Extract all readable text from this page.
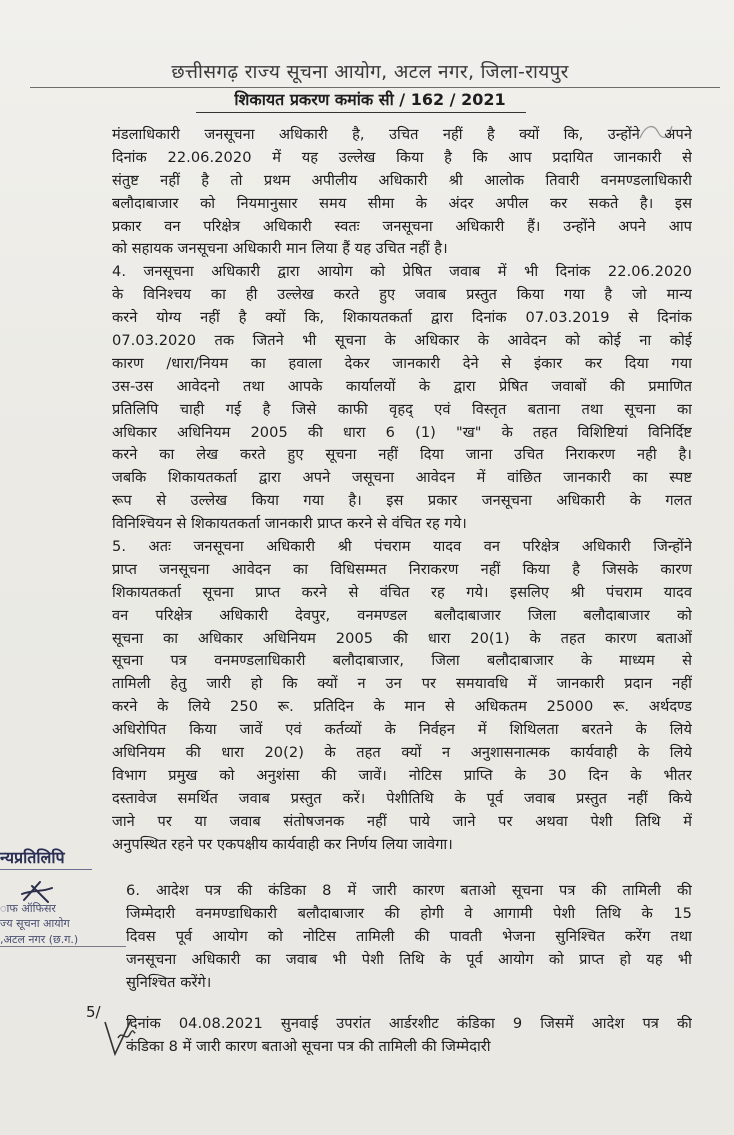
छत्तीसगढ़ राज्य सूचना आयोग, अटल नगर, जिला-रायपुर
शिकायत प्रकरण कमांक सी / 162 / 2021
मंडलाधिकारी जनसूचना अधिकारी है, उचित नहीं है क्यों कि, उन्होंने अपने
दिनांक 22.06.2020 में यह उल्लेख किया है कि आप प्रदायित जानकारी से
संतुष्ट नहीं है तो प्रथम अपीलीय अधिकारी श्री आलोक तिवारी वनमण्डलाधिकारी
बलौदाबाजार को नियमानुसार समय सीमा के अंदर अपील कर सकते है। इस
प्रकार वन परिक्षेत्र अधिकारी स्वतः जनसूचना अधिकारी हैं। उन्होंने अपने आप
को सहायक जनसूचना अधिकारी मान लिया हैं यह उचित नहीं है।
4. जनसूचना अधिकारी द्वारा आयोग को प्रेषित जवाब में भी दिनांक 22.06.2020
के विनिश्चय का ही उल्लेख करते हुए जवाब प्रस्तुत किया गया है जो मान्य
करने योग्य नहीं है क्यों कि, शिकायतकर्ता द्वारा दिनांक 07.03.2019 से दिनांक
07.03.2020 तक जितने भी सूचना के अधिकार के आवेदन को कोई ना कोई
कारण /धारा/नियम का हवाला देकर जानकारी देने से इंकार कर दिया गया
उस-उस आवेदनो तथा आपके कार्यालयों के द्वारा प्रेषित जवाबों की प्रमाणित
प्रतिलिपि चाही गई है जिसे काफी वृहद् एवं विस्तृत बताना तथा सूचना का
अधिकार अधिनियम 2005 की धारा 6 (1) "ख" के तहत विशिष्टियां विनिर्दिष्ट
करने का लेख करते हुए सूचना नहीं दिया जाना उचित निराकरण नही है।
जबकि शिकायतकर्ता द्वारा अपने जसूचना आवेदन में वांछित जानकारी का स्पष्ट
रूप से उल्लेख किया गया है। इस प्रकार जनसूचना अधिकारी के गलत
विनिश्चियन से शिकायतकर्ता जानकारी प्राप्त करने से वंचित रह गये।
5. अतः जनसूचना अधिकारी श्री पंचराम यादव वन परिक्षेत्र अधिकारी जिन्होंने
प्राप्त जनसूचना आवेदन का विधिसम्मत निराकरण नहीं किया है जिसके कारण
शिकायतकर्ता सूचना प्राप्त करने से वंचित रह गये। इसलिए श्री पंचराम यादव
वन परिक्षेत्र अधिकारी देवपुर, वनमण्डल बलौदाबाजार जिला बलौदाबाजार को
सूचना का अधिकार अधिनियम 2005 की धारा 20(1) के तहत कारण बताओं
सूचना पत्र वनमण्डलाधिकारी बलौदाबाजार, जिला बलौदाबाजार के माध्यम से
तामिली हेतु जारी हो कि क्यों न उन पर समयावधि में जानकारी प्रदान नहीं
करने के लिये 250 रू. प्रतिदिन के मान से अधिकतम 25000 रू. अर्थदण्ड
अधिरोपित किया जावें एवं कर्तव्यों के निर्वहन में शिथिलता बरतने के लिये
अधिनियम की धारा 20(2) के तहत क्यों न अनुशासनात्मक कार्यवाही के लिये
विभाग प्रमुख को अनुशंसा की जावें। नोटिस प्राप्ति के 30 दिन के भीतर
दस्तावेज समर्थित जवाब प्रस्तुत करें। पेशीतिथि के पूर्व जवाब प्रस्तुत नहीं किये
जाने पर या जवाब संतोषजनक नहीं पाये जाने पर अथवा पेशी तिथि में
अनुपस्थित रहने पर एकपक्षीय कार्यवाही कर निर्णय लिया जावेगा।
6. आदेश पत्र की कंडिका 8 में जारी कारण बताओ सूचना पत्र की तामिली की
जिम्मेदारी वनमण्डाधिकारी बलौदाबाजार की होगी वे आगामी पेशी तिथि के 15
दिवस पूर्व आयोग को नोटिस तामिली की पावती भेजना सुनिश्चित करेंग तथा
जनसूचना अधिकारी का जवाब भी पेशी तिथि के पूर्व आयोग को प्राप्त हो यह भी
सुनिश्चित करेंगे।
दिनांक 04.08.2021 सुनवाई उपरांत आर्डरशीट कंडिका 9 जिसमें आदेश पत्र की
कंडिका 8 में जारी कारण बताओ सूचना पत्र की तामिली की जिम्मेदारी
न्यप्रतिलिपि
ाफ ऑफिसर
ज्य सूचना आयोग
,अटल नगर (छ.ग.)
5/
